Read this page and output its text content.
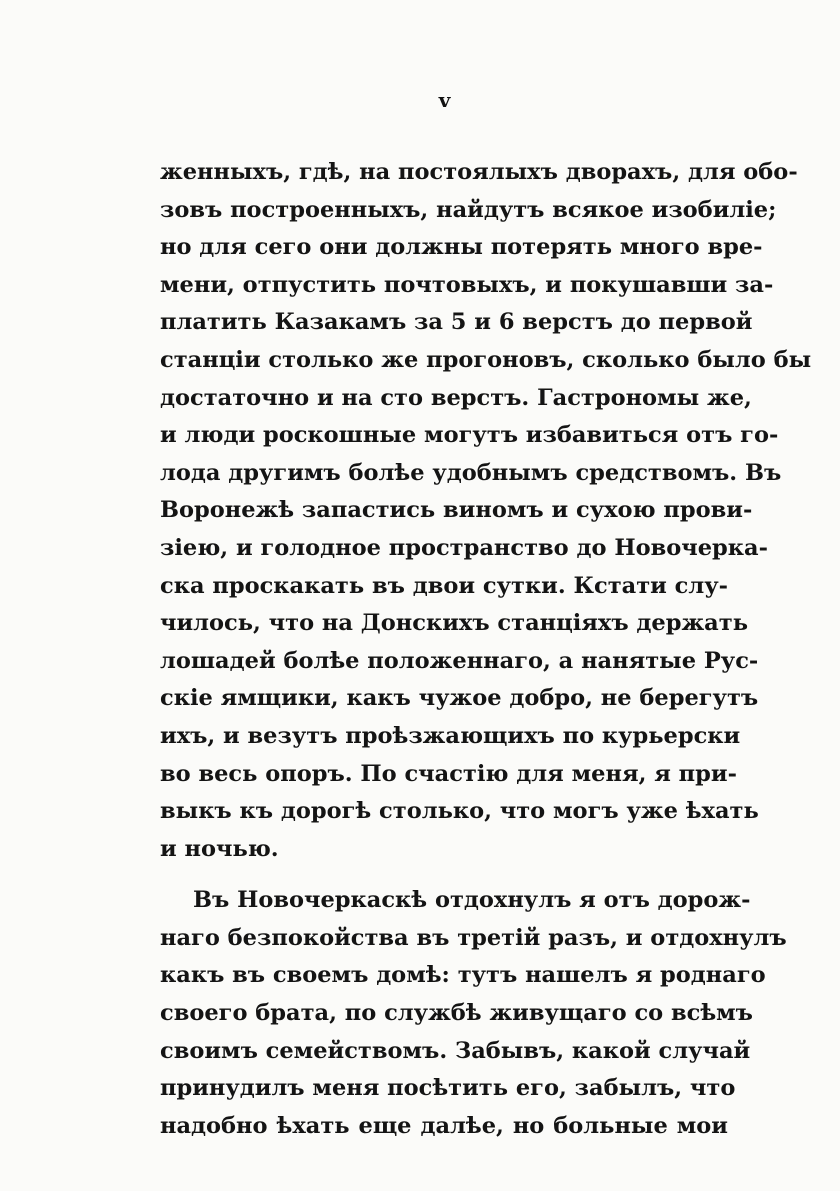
v
женныхъ, гдѣ, на постоялыхъ дворахъ, для обо-
зовъ построенныхъ, найдутъ всякое изобиліе;
но для сего они должны потерять много вре-
мени, отпустить почтовыхъ, и покушавши за-
платить Казакамъ за 5 и 6 верстъ до первой
станціи столько же прогоновъ, сколько было бы
достаточно и на сто верстъ. Гастрономы же,
и люди роскошные могутъ избавиться отъ го-
лода другимъ болѣе удобнымъ средствомъ. Въ
Воронежѣ запастись виномъ и сухою прови-
зіею, и голодное пространство до Новочерка-
ска проскакать въ двои сутки. Кстати слу-
чилось, что на Донскихъ станціяхъ держать
лошадей болѣе положеннаго, а нанятые Рус-
скіе ямщики, какъ чужое добро, не берегутъ
ихъ, и везутъ проѣзжающихъ по курьерски
во весь опоръ. По счастію для меня, я при-
выкъ къ дорогѣ столько, что могъ уже ѣхать
и ночью.
Въ Новочеркаскѣ отдохнулъ я отъ дорож-
наго безпокойства въ третій разъ, и отдохнулъ
какъ въ своемъ домѣ: тутъ нашелъ я роднаго
своего брата, по службѣ живущаго со всѣмъ
своимъ семействомъ. Забывъ, какой случай
принудилъ меня посѣтить его, забылъ, что
надобно ѣхать еще далѣе, но больные мои
